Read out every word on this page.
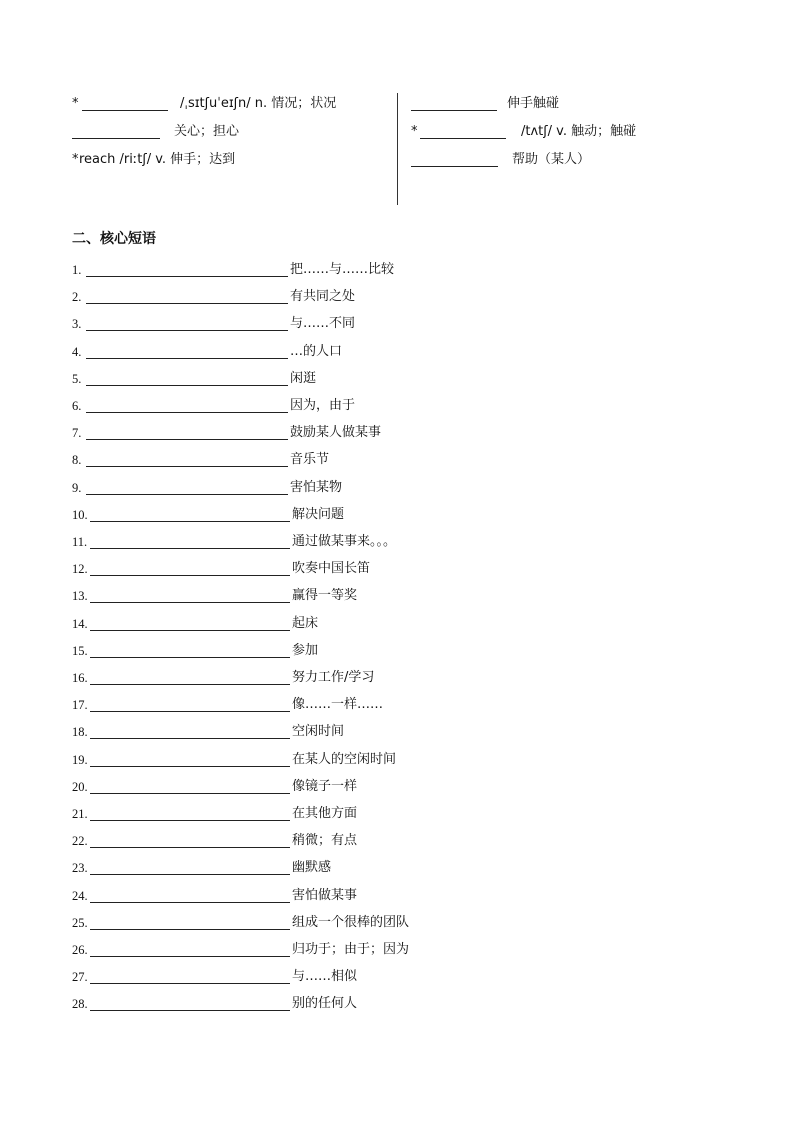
*	/ˌsɪtʃuˈeɪʃn/ n. 情况；状况
关心；担心
* reach /riːtʃ/ v. 伸手；达到
伸手触碰
*	/tʌtʃ/ v. 触动；触碰
帮助（某人）
二、核心短语
1.	把……与……比较
2.	有共同之处
3.	与……不同
4.	…的人口
5.	闲逛
6.	因为，由于
7.	鼓励某人做某事
8.	音乐节
9.	害怕某物
10.	解决问题
11.	通过做某事来。。。
12.	吹奏中国长笛
13.	赢得一等奖
14.	起床
15.	参加
16.	努力工作/学习
17.	像……一样……
18.	空闲时间
19.	在某人的空闲时间
20.	像镜子一样
21.	在其他方面
22.	稍微；有点
23.	幽默感
24.	害怕做某事
25.	组成一个很棒的团队
26.	归功于；由于；因为
27.	与……相似
28.	别的任何人
